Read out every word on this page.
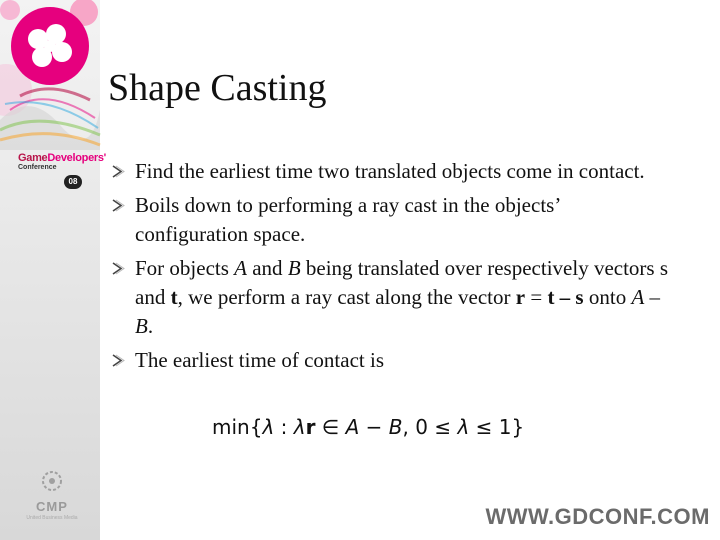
GameDevelopers'
Conference
08
CMP
United Business Media
Shape Casting
Find the earliest time two translated objects come in contact.
Boils down to performing a ray cast in the objects’ configuration space.
For objects A and B being translated over respectively vectors s and t, we perform a ray cast along the vector r = t – s onto A – B.
The earliest time of contact is
min{λ : λr ∈ A − B, 0 ≤ λ ≤ 1}
WWW.GDCONF.COM
